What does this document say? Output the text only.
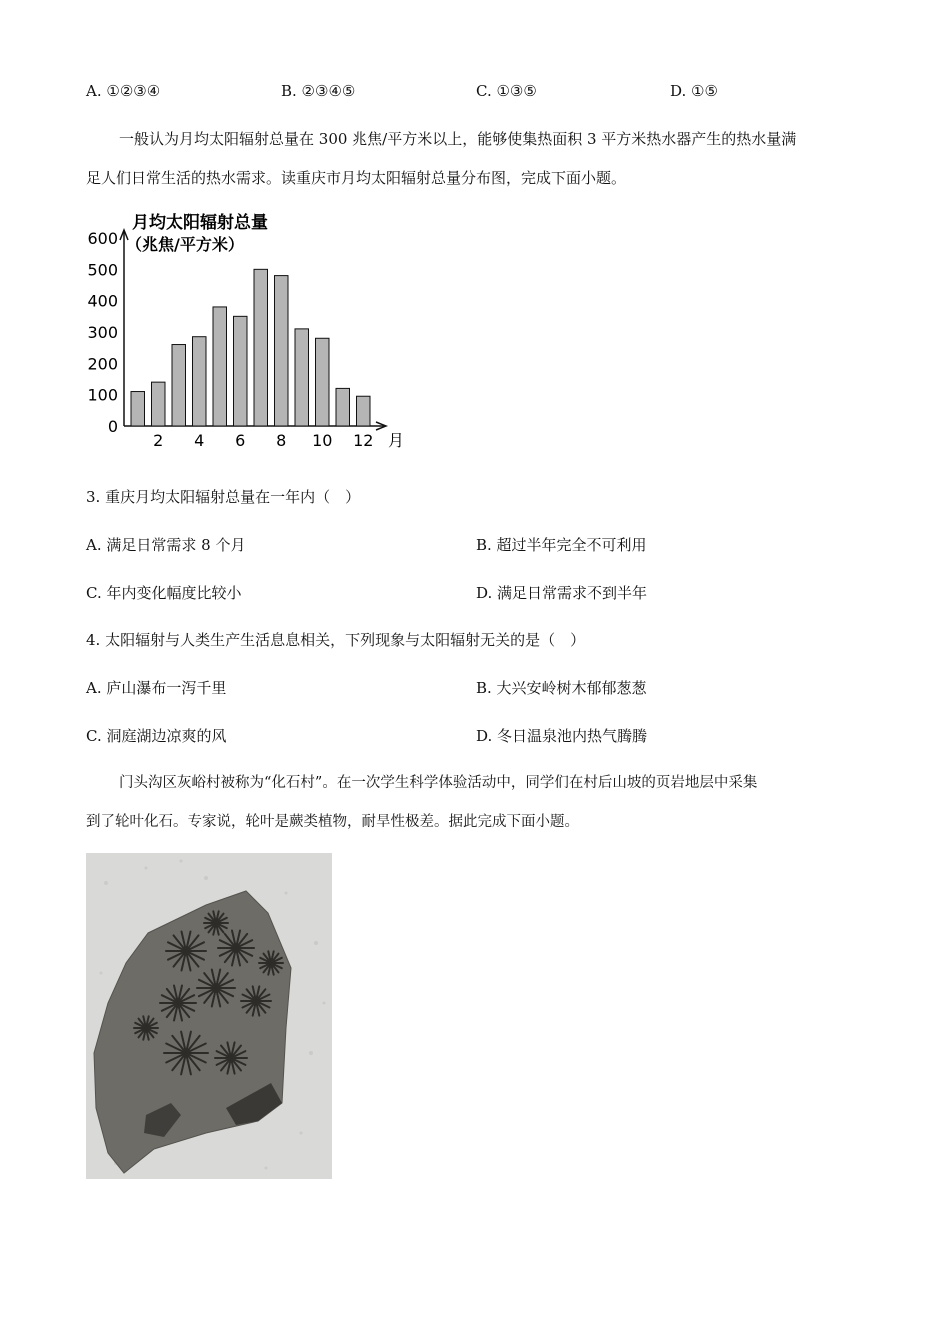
A. ①②③④	B. ②③④⑤	C. ①③⑤	D. ①⑤
一般认为月均太阳辐射总量在 300 兆焦/平方米以上，能够使集热面积 3 平方米热水器产生的热水量满
足人们日常生活的热水需求。读重庆市月均太阳辐射总量分布图，完成下面小题。
月均太阳辐射总量
（兆焦/平方米）
0
100
200
300
400
500
600
2 4 6 8 10 12 月
3. 重庆月均太阳辐射总量在一年内（　）
A. 满足日常需求 8 个月	B. 超过半年完全不可利用
C. 年内变化幅度比较小	D. 满足日常需求不到半年
4. 太阳辐射与人类生产生活息息相关，下列现象与太阳辐射无关的是（　）
A. 庐山瀑布一泻千里	B. 大兴安岭树木郁郁葱葱
C. 洞庭湖边凉爽的风	D. 冬日温泉池内热气腾腾
门头沟区灰峪村被称为“化石村”。在一次学生科学体验活动中，同学们在村后山坡的页岩地层中采集
到了轮叶化石。专家说，轮叶是蕨类植物，耐旱性极差。据此完成下面小题。
